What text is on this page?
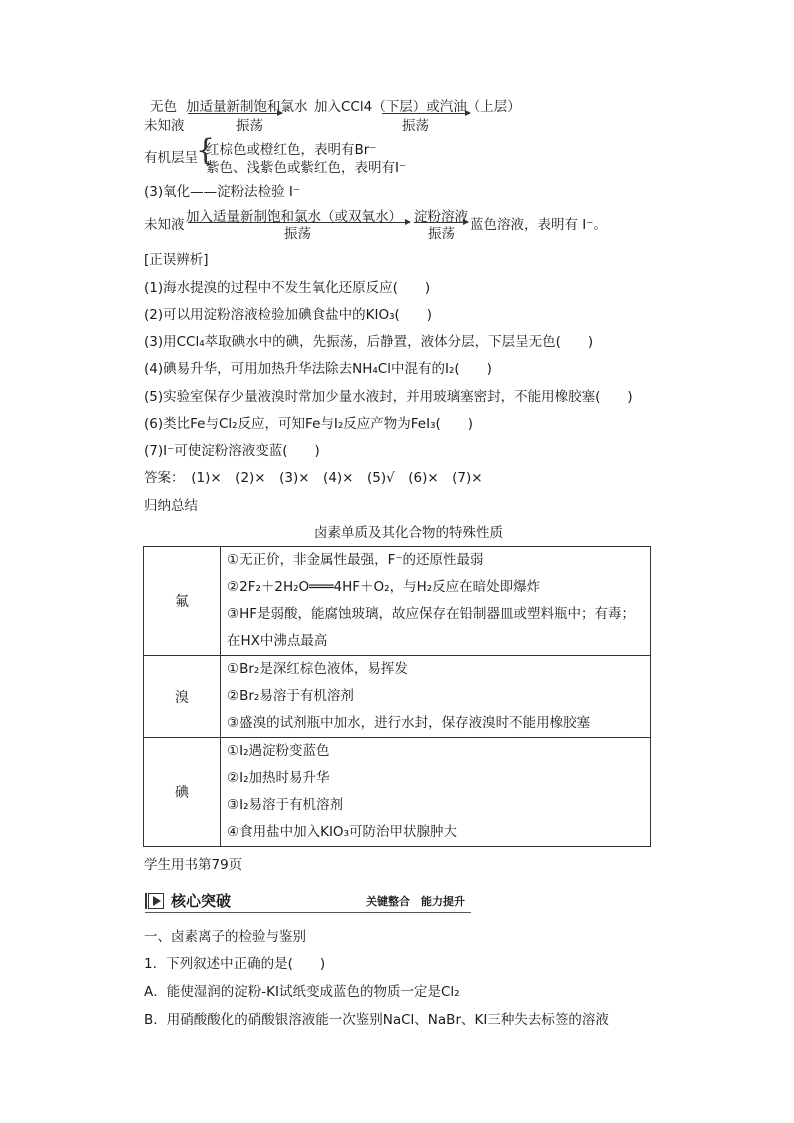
无色
未知液
加适量新制饱和氯水
振荡
加入CCl4（下层）或汽油（上层）
振荡
有机层呈
{
红棕色或橙红色，表明有Br⁻
紫色、浅紫色或紫红色，表明有I⁻
(3)氧化——淀粉法检验 I⁻
未知液 加入适量新制饱和氯水（或双氧水）
振荡
淀粉溶液
振荡
蓝色溶液，表明有 I⁻。
[正误辨析]
(1)海水提溴的过程中不发生氧化还原反应(　　)
(2)可以用淀粉溶液检验加碘食盐中的KIO₃(　　)
(3)用CCl₄萃取碘水中的碘，先振荡，后静置，液体分层，下层呈无色(　　)
(4)碘易升华，可用加热升华法除去NH₄Cl中混有的I₂(　　)
(5)实验室保存少量液溴时常加少量水液封，并用玻璃塞密封，不能用橡胶塞(　　)
(6)类比Fe与Cl₂反应，可知Fe与I₂反应产物为FeI₃(　　)
(7)I⁻可使淀粉溶液变蓝(　　)
答案：　(1)×　(2)×　(3)×　(4)×　(5)√　(6)×　(7)×
归纳总结
卤素单质及其化合物的特殊性质
氟	①无正价，非金属性最强，F⁻的还原性最弱
②2F₂＋2H₂O═══4HF＋O₂，与H₂反应在暗处即爆炸
③HF是弱酸，能腐蚀玻璃，故应保存在铅制器皿或塑料瓶中；有毒；
在HX中沸点最高

溴	①Br₂是深红棕色液体，易挥发
②Br₂易溶于有机溶剂
③盛溴的试剂瓶中加水，进行水封，保存液溴时不能用橡胶塞

碘	①I₂遇淀粉变蓝色
②I₂加热时易升华
③I₂易溶于有机溶剂
④食用盐中加入KIO₃可防治甲状腺肿大
学生用书第79页
核心突破	关键整合　能力提升
一、卤素离子的检验与鉴别
1．下列叙述中正确的是(　　)
A．能使湿润的淀粉-KI试纸变成蓝色的物质一定是Cl₂
B．用硝酸酸化的硝酸银溶液能一次鉴别NaCl、NaBr、KI三种失去标签的溶液
